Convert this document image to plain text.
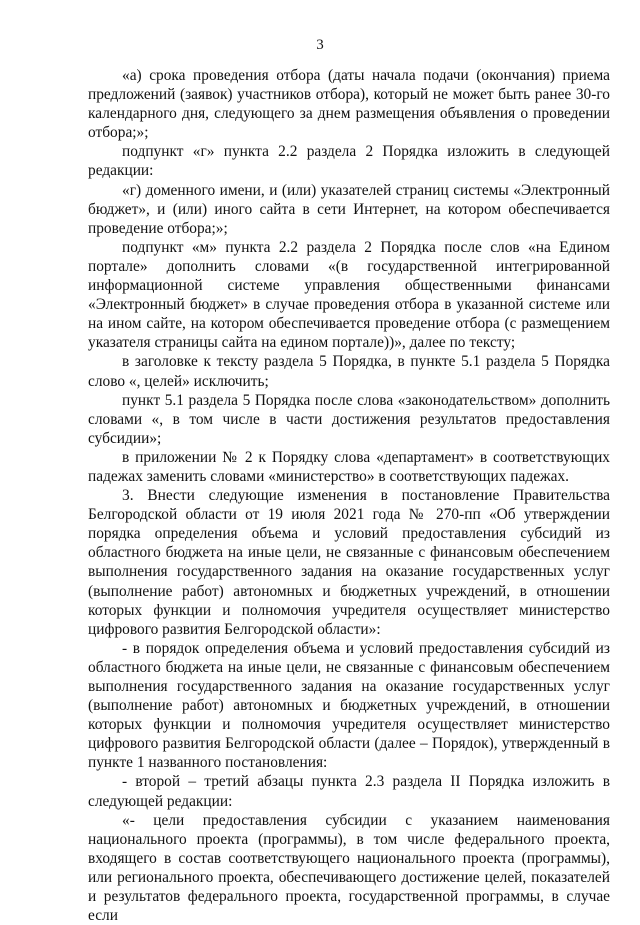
3

«а) срока проведения отбора (даты начала подачи (окончания) приема предложений (заявок) участников отбора), который не может быть ранее 30-го календарного дня, следующего за днем размещения объявления о проведении отбора;»;

подпункт «г» пункта 2.2 раздела 2 Порядка изложить в следующей редакции:

«г) доменного имени, и (или) указателей страниц системы «Электронный бюджет», и (или) иного сайта в сети Интернет, на котором обеспечивается проведение отбора;»;

подпункт «м» пункта 2.2 раздела 2 Порядка после слов «на Едином портале» дополнить словами «(в государственной интегрированной информационной системе управления общественными финансами «Электронный бюджет» в случае проведения отбора в указанной системе или на ином сайте, на котором обеспечивается проведение отбора (с размещением указателя страницы сайта на едином портале))», далее по тексту;

в заголовке к тексту раздела 5 Порядка, в пункте 5.1 раздела 5 Порядка слово «, целей» исключить;

пункт 5.1 раздела 5 Порядка после слова «законодательством» дополнить словами «, в том числе в части достижения результатов предоставления субсидии»;

в приложении № 2 к Порядку слова «департамент» в соответствующих падежах заменить словами «министерство» в соответствующих падежах.

3. Внести следующие изменения в постановление Правительства Белгородской области от 19 июля 2021 года № 270-пп «Об утверждении порядка определения объема и условий предоставления субсидий из областного бюджета на иные цели, не связанные с финансовым обеспечением выполнения государственного задания на оказание государственных услуг (выполнение работ) автономных и бюджетных учреждений, в отношении которых функции и полномочия учредителя осуществляет министерство цифрового развития Белгородской области»:

- в порядок определения объема и условий предоставления субсидий из областного бюджета на иные цели, не связанные с финансовым обеспечением выполнения государственного задания на оказание государственных услуг (выполнение работ) автономных и бюджетных учреждений, в отношении которых функции и полномочия учредителя осуществляет министерство цифрового развития Белгородской области (далее – Порядок), утвержденный в пункте 1 названного постановления:

- второй – третий абзацы пункта 2.3 раздела II Порядка изложить в следующей редакции:

«- цели предоставления субсидии с указанием наименования национального проекта (программы), в том числе федерального проекта, входящего в состав соответствующего национального проекта (программы), или регионального проекта, обеспечивающего достижение целей, показателей и результатов федерального проекта, государственной программы, в случае если
